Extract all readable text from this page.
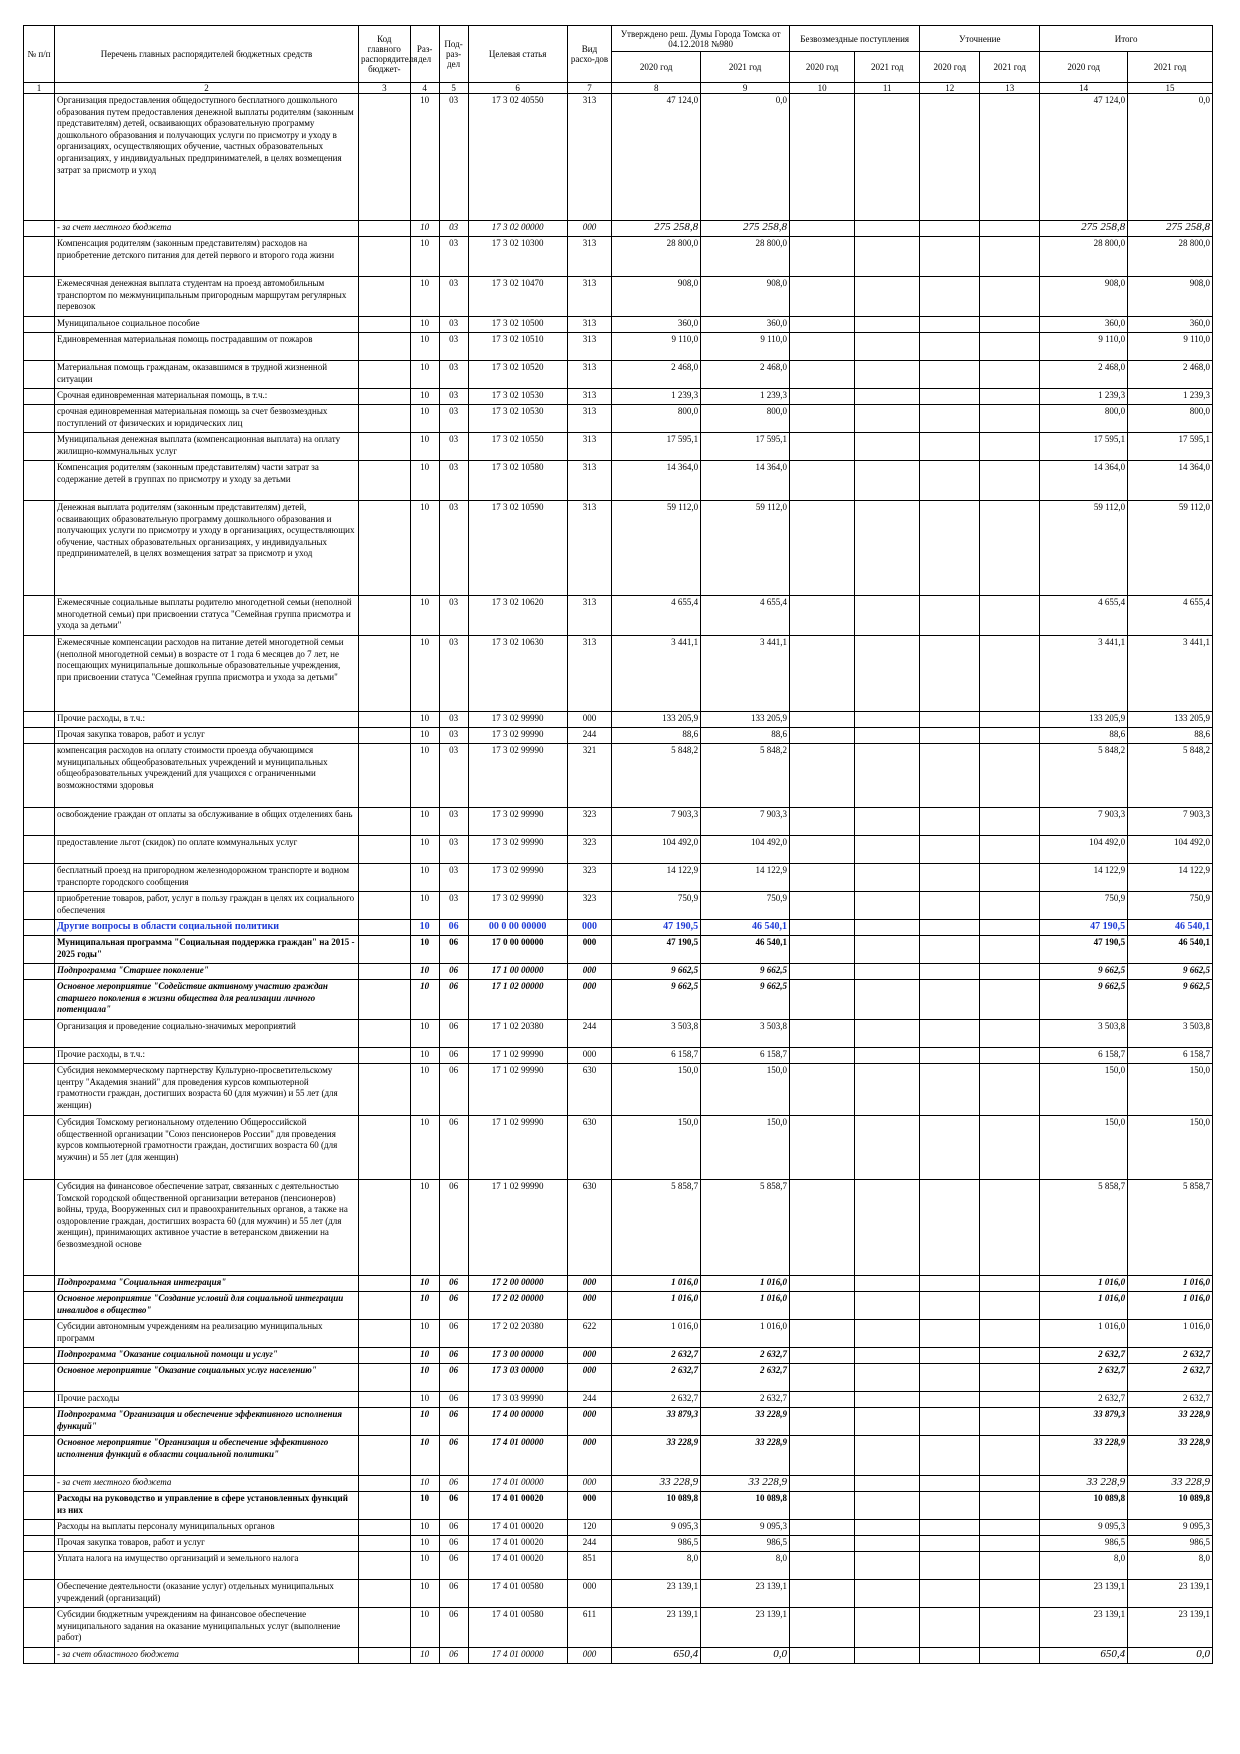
№ п/п	Перечень главных распорядителей бюджетных средств	Код главного распорядителя бюджет-	Раз-дел	Под-раз-дел	Целевая статья	Вид расхо-дов	Утверждено реш. Думы Города Томска от 04.12.2018 №980		Безвозмездные поступления		Уточнение		Итого	
							2020 год	2021 год	2020 год	2021 год	2020 год	2021 год	2020 год	2021 год
1	2	3	4	5	6	7	8	9	10	11	12	13	14	15
	Организация предоставления общедоступного бесплатного дошкольного образования путем предоставления денежной выплаты родителям (законным представителям) детей, осваивающих образовательную программу дошкольного образования и получающих услуги по присмотру и уходу в организациях, осуществляющих обучение, частных образовательных организациях, у индивидуальных предпринимателей, в целях возмещения затрат за присмотр и уход		10	03	17 3 02 40550	313	47 124,0	0,0					47 124,0	0,0
	- за счет местного бюджета		10	03	17 3 02 00000	000	275 258,8	275 258,8					275 258,8	275 258,8
	Компенсация родителям (законным представителям) расходов на приобретение детского питания для детей первого и второго года жизни		10	03	17 3 02 10300	313	28 800,0	28 800,0					28 800,0	28 800,0
	Ежемесячная денежная выплата студентам на проезд автомобильным транспортом по межмуниципальным пригородным маршрутам регулярных перевозок		10	03	17 3 02 10470	313	908,0	908,0					908,0	908,0
	Муниципальное социальное пособие		10	03	17 3 02 10500	313	360,0	360,0					360,0	360,0
	Единовременная материальная помощь пострадавшим от пожаров		10	03	17 3 02 10510	313	9 110,0	9 110,0					9 110,0	9 110,0
	Материальная помощь гражданам, оказавшимся в трудной жизненной ситуации		10	03	17 3 02 10520	313	2 468,0	2 468,0					2 468,0	2 468,0
	Срочная единовременная материальная помощь, в т.ч.:		10	03	17 3 02 10530	313	1 239,3	1 239,3					1 239,3	1 239,3
	срочная единовременная материальная помощь за счет безвозмездных поступлений от физических и юридических лиц		10	03	17 3 02 10530	313	800,0	800,0					800,0	800,0
	Муниципальная денежная выплата (компенсационная выплата) на оплату жилищно-коммунальных услуг		10	03	17 3 02 10550	313	17 595,1	17 595,1					17 595,1	17 595,1
	Компенсация родителям (законным представителям) части затрат за содержание детей в группах по присмотру и уходу за детьми		10	03	17 3 02 10580	313	14 364,0	14 364,0					14 364,0	14 364,0
	Денежная выплата родителям (законным представителям) детей, осваивающих образовательную программу дошкольного образования и получающих услуги по присмотру и уходу в организациях, осуществляющих обучение, частных образовательных организациях, у индивидуальных предпринимателей, в целях возмещения затрат за присмотр и уход		10	03	17 3 02 10590	313	59 112,0	59 112,0					59 112,0	59 112,0
	Ежемесячные социальные выплаты родителю многодетной семьи (неполной многодетной семьи) при присвоении статуса "Семейная группа присмотра и ухода за детьми"		10	03	17 3 02 10620	313	4 655,4	4 655,4					4 655,4	4 655,4
	Ежемесячные компенсации расходов на питание детей многодетной семьи (неполной многодетной семьи) в возрасте от 1 года 6 месяцев до 7 лет, не посещающих муниципальные дошкольные образовательные учреждения, при присвоении статуса "Семейная группа присмотра и ухода за детьми"		10	03	17 3 02 10630	313	3 441,1	3 441,1					3 441,1	3 441,1
	Прочие расходы, в т.ч.:		10	03	17 3 02 99990	000	133 205,9	133 205,9					133 205,9	133 205,9
	Прочая закупка товаров, работ и услуг		10	03	17 3 02 99990	244	88,6	88,6					88,6	88,6
	компенсация расходов на оплату стоимости проезда обучающимся муниципальных общеобразовательных учреждений и муниципальных общеобразовательных учреждений для учащихся с ограниченными возможностями здоровья		10	03	17 3 02 99990	321	5 848,2	5 848,2					5 848,2	5 848,2
	освобождение граждан от оплаты за обслуживание в общих отделениях бань		10	03	17 3 02 99990	323	7 903,3	7 903,3					7 903,3	7 903,3
	предоставление льгот (скидок) по оплате коммунальных услуг		10	03	17 3 02 99990	323	104 492,0	104 492,0					104 492,0	104 492,0
	бесплатный проезд на пригородном железнодорожном транспорте и водном транспорте городского сообщения		10	03	17 3 02 99990	323	14 122,9	14 122,9					14 122,9	14 122,9
	приобретение товаров, работ, услуг в пользу граждан в целях их социального обеспечения		10	03	17 3 02 99990	323	750,9	750,9					750,9	750,9
	Другие вопросы в области социальной политики		10	06	00 0 00 00000	000	47 190,5	46 540,1					47 190,5	46 540,1
	Муниципальная программа "Социальная поддержка граждан" на 2015 - 2025 годы"		10	06	17 0 00 00000	000	47 190,5	46 540,1					47 190,5	46 540,1
	Подпрограмма "Старшее поколение"		10	06	17 1 00 00000	000	9 662,5	9 662,5					9 662,5	9 662,5
	Основное мероприятие "Содействие активному участию граждан старшего поколения в жизни общества для реализации личного потенциала"		10	06	17 1 02 00000	000	9 662,5	9 662,5					9 662,5	9 662,5
	Организация и проведение социально-значимых мероприятий		10	06	17 1 02 20380	244	3 503,8	3 503,8					3 503,8	3 503,8
	Прочие расходы, в т.ч.:		10	06	17 1 02 99990	000	6 158,7	6 158,7					6 158,7	6 158,7
	Субсидия некоммерческому партнерству Культурно-просветительскому центру "Академия знаний" для проведения курсов компьютерной грамотности граждан, достигших возраста 60 (для мужчин) и 55 лет (для женщин)		10	06	17 1 02 99990	630	150,0	150,0					150,0	150,0
	Субсидия Томскому региональному отделению Общероссийской общественной организации "Союз пенсионеров России" для проведения курсов компьютерной грамотности граждан, достигших возраста 60 (для мужчин) и 55 лет (для женщин)		10	06	17 1 02 99990	630	150,0	150,0					150,0	150,0
	Субсидия на финансовое обеспечение затрат, связанных с деятельностью Томской городской общественной организации ветеранов (пенсионеров) войны, труда, Вооруженных сил и правоохранительных органов, а также на оздоровление граждан, достигших возраста 60 (для мужчин) и 55 лет (для женщин), принимающих активное участие в ветеранском движении на безвозмездной основе		10	06	17 1 02 99990	630	5 858,7	5 858,7					5 858,7	5 858,7
	Подпрограмма "Социальная интеграция"		10	06	17 2 00 00000	000	1 016,0	1 016,0					1 016,0	1 016,0
	Основное мероприятие "Создание условий для социальной интеграции инвалидов в общество"		10	06	17 2 02 00000	000	1 016,0	1 016,0					1 016,0	1 016,0
	Субсидии автономным учреждениям на реализацию муниципальных программ		10	06	17 2 02 20380	622	1 016,0	1 016,0					1 016,0	1 016,0
	Подпрограмма "Оказание социальной помощи и услуг"		10	06	17 3 00 00000	000	2 632,7	2 632,7					2 632,7	2 632,7
	Основное мероприятие "Оказание социальных услуг населению"		10	06	17 3 03 00000	000	2 632,7	2 632,7					2 632,7	2 632,7
	Прочие расходы		10	06	17 3 03 99990	244	2 632,7	2 632,7					2 632,7	2 632,7
	Подпрограмма "Организация и обеспечение эффективного исполнения функций"		10	06	17 4 00 00000	000	33 879,3	33 228,9					33 879,3	33 228,9
	Основное мероприятие "Организация и обеспечение эффективного исполнения функций в области социальной политики"		10	06	17 4 01 00000	000	33 228,9	33 228,9					33 228,9	33 228,9
	- за счет местного бюджета		10	06	17 4 01 00000	000	33 228,9	33 228,9					33 228,9	33 228,9
	Расходы на руководство и управление в сфере установленных функций из них		10	06	17 4 01 00020	000	10 089,8	10 089,8					10 089,8	10 089,8
	Расходы на выплаты персоналу муниципальных органов		10	06	17 4 01 00020	120	9 095,3	9 095,3					9 095,3	9 095,3
	Прочая закупка товаров, работ и услуг		10	06	17 4 01 00020	244	986,5	986,5					986,5	986,5
	Уплата налога на имущество организаций и земельного налога		10	06	17 4 01 00020	851	8,0	8,0					8,0	8,0
	Обеспечение деятельности (оказание услуг) отдельных муниципальных учреждений (организаций)		10	06	17 4 01 00580	000	23 139,1	23 139,1					23 139,1	23 139,1
	Субсидии бюджетным учреждениям на финансовое обеспечение муниципального задания на оказание муниципальных услуг (выполнение работ)		10	06	17 4 01 00580	611	23 139,1	23 139,1					23 139,1	23 139,1
	- за счет областного бюджета		10	06	17 4 01 00000	000	650,4	0,0					650,4	0,0
